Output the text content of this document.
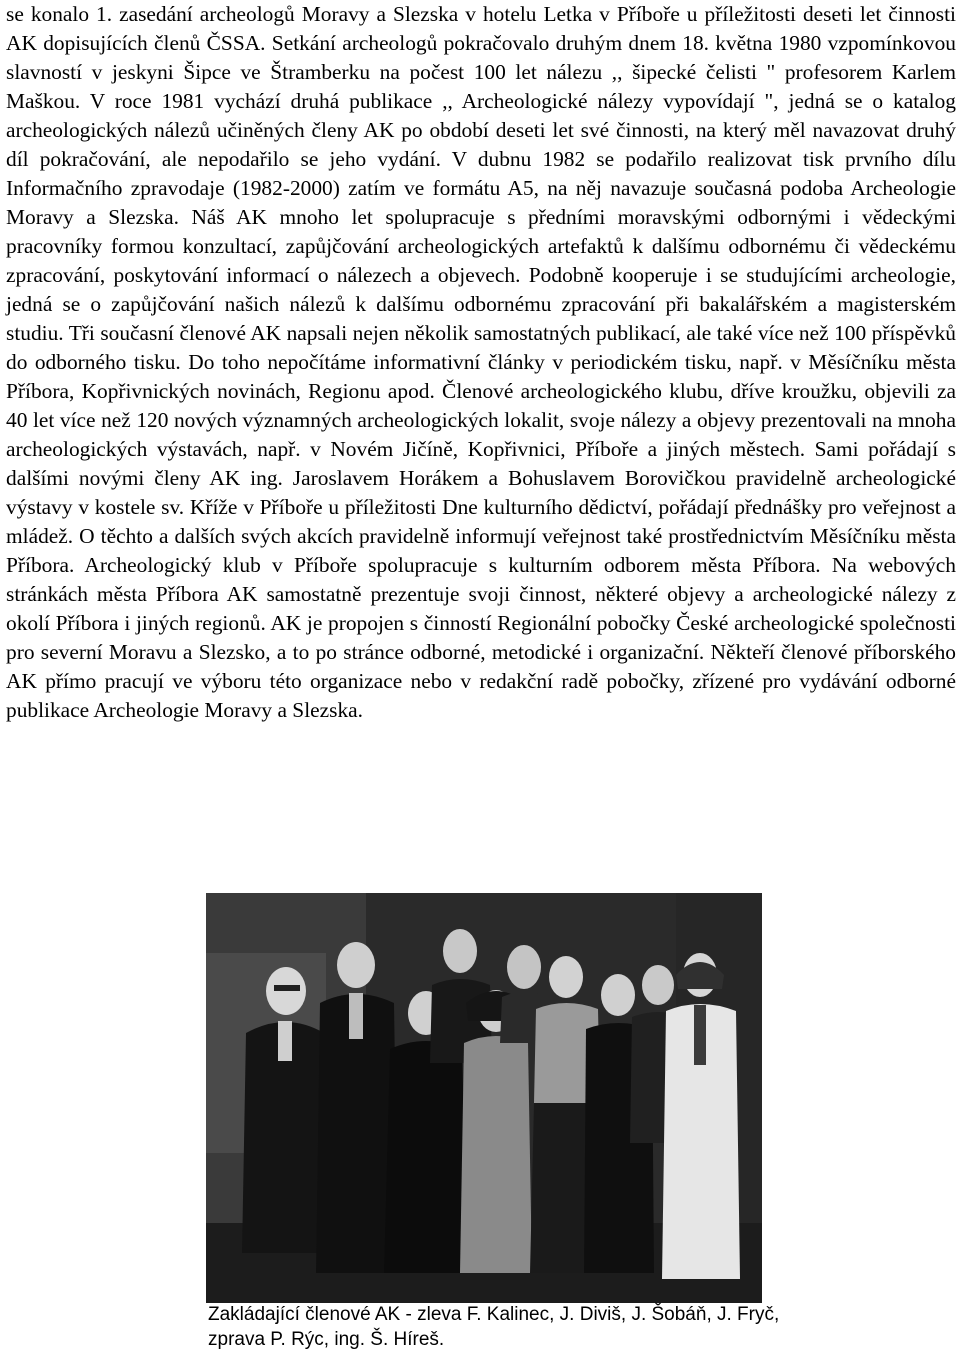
se konalo 1. zasedání archeologů Moravy a Slezska v hotelu Letka v Příboře u příležitosti deseti let činnosti AK dopisujících členů ČSSA. Setkání archeologů pokračovalo druhým dnem 18. května 1980 vzpomínkovou slavností v jeskyni Šipce ve Štramberku na počest 100 let nálezu ,, šipecké čelisti " profesorem Karlem Maškou. V roce 1981 vychází druhá publikace ,, Archeologické nálezy vypovídají ", jedná se o katalog archeologických nálezů učiněných členy AK po období deseti let své činnosti, na který měl navazovat druhý díl pokračování, ale nepodařilo se jeho vydání. V dubnu 1982 se podařilo realizovat tisk prvního dílu Informačního zpravodaje (1982-2000) zatím ve formátu A5, na něj navazuje současná podoba Archeologie Moravy a Slezska. Náš AK mnoho let spolupracuje s předními moravskými odbornými i vědeckými pracovníky formou konzultací, zapůjčování archeologických artefaktů k dalšímu odbornému či vědeckému zpracování, poskytování informací o nálezech a objevech. Podobně kooperuje i se studujícími archeologie, jedná se o zapůjčování našich nálezů k dalšímu odbornému zpracování při bakalářském a magisterském studiu. Tři současní členové AK napsali nejen několik samostatných publikací, ale také více než 100 příspěvků do odborného tisku. Do toho nepočítáme informativní články v periodickém tisku, např. v Měsíčníku města Příbora, Kopřivnických novinách, Regionu apod. Členové archeologického klubu, dříve kroužku, objevili za 40 let více než 120 nových významných archeologických lokalit, svoje nálezy a objevy prezentovali na mnoha archeologických výstavách, např. v Novém Jičíně, Kopřivnici, Příboře a jiných městech. Sami pořádají s dalšími novými členy AK ing. Jaroslavem Horákem a Bohuslavem Borovičkou pravidelně archeologické výstavy v kostele sv. Kříže v Příboře u příležitosti Dne kulturního dědictví, pořádají přednášky pro veřejnost a mládež. O těchto a dalších svých akcích pravidelně informují veřejnost také prostřednictvím Měsíčníku města Příbora. Archeologický klub v Příboře spolupracuje s kulturním odborem města Příbora. Na webových stránkách města Příbora AK samostatně prezentuje svoji činnost, některé objevy a archeologické nálezy z okolí Příbora i jiných regionů. AK je propojen s činností Regionální pobočky České archeologické společnosti pro severní Moravu a Slezsko, a to po stránce odborné, metodické i organizační. Někteří členové příborského AK přímo pracují ve výboru této organizace nebo v redakční radě pobočky, zřízené pro vydávání odborné publikace Archeologie Moravy a Slezska.

Zakládající členové AK - zleva F. Kalinec, J. Diviš, J. Šobáň, J. Fryč,
zprava P. Rýc, ing. Š. Híreš.
